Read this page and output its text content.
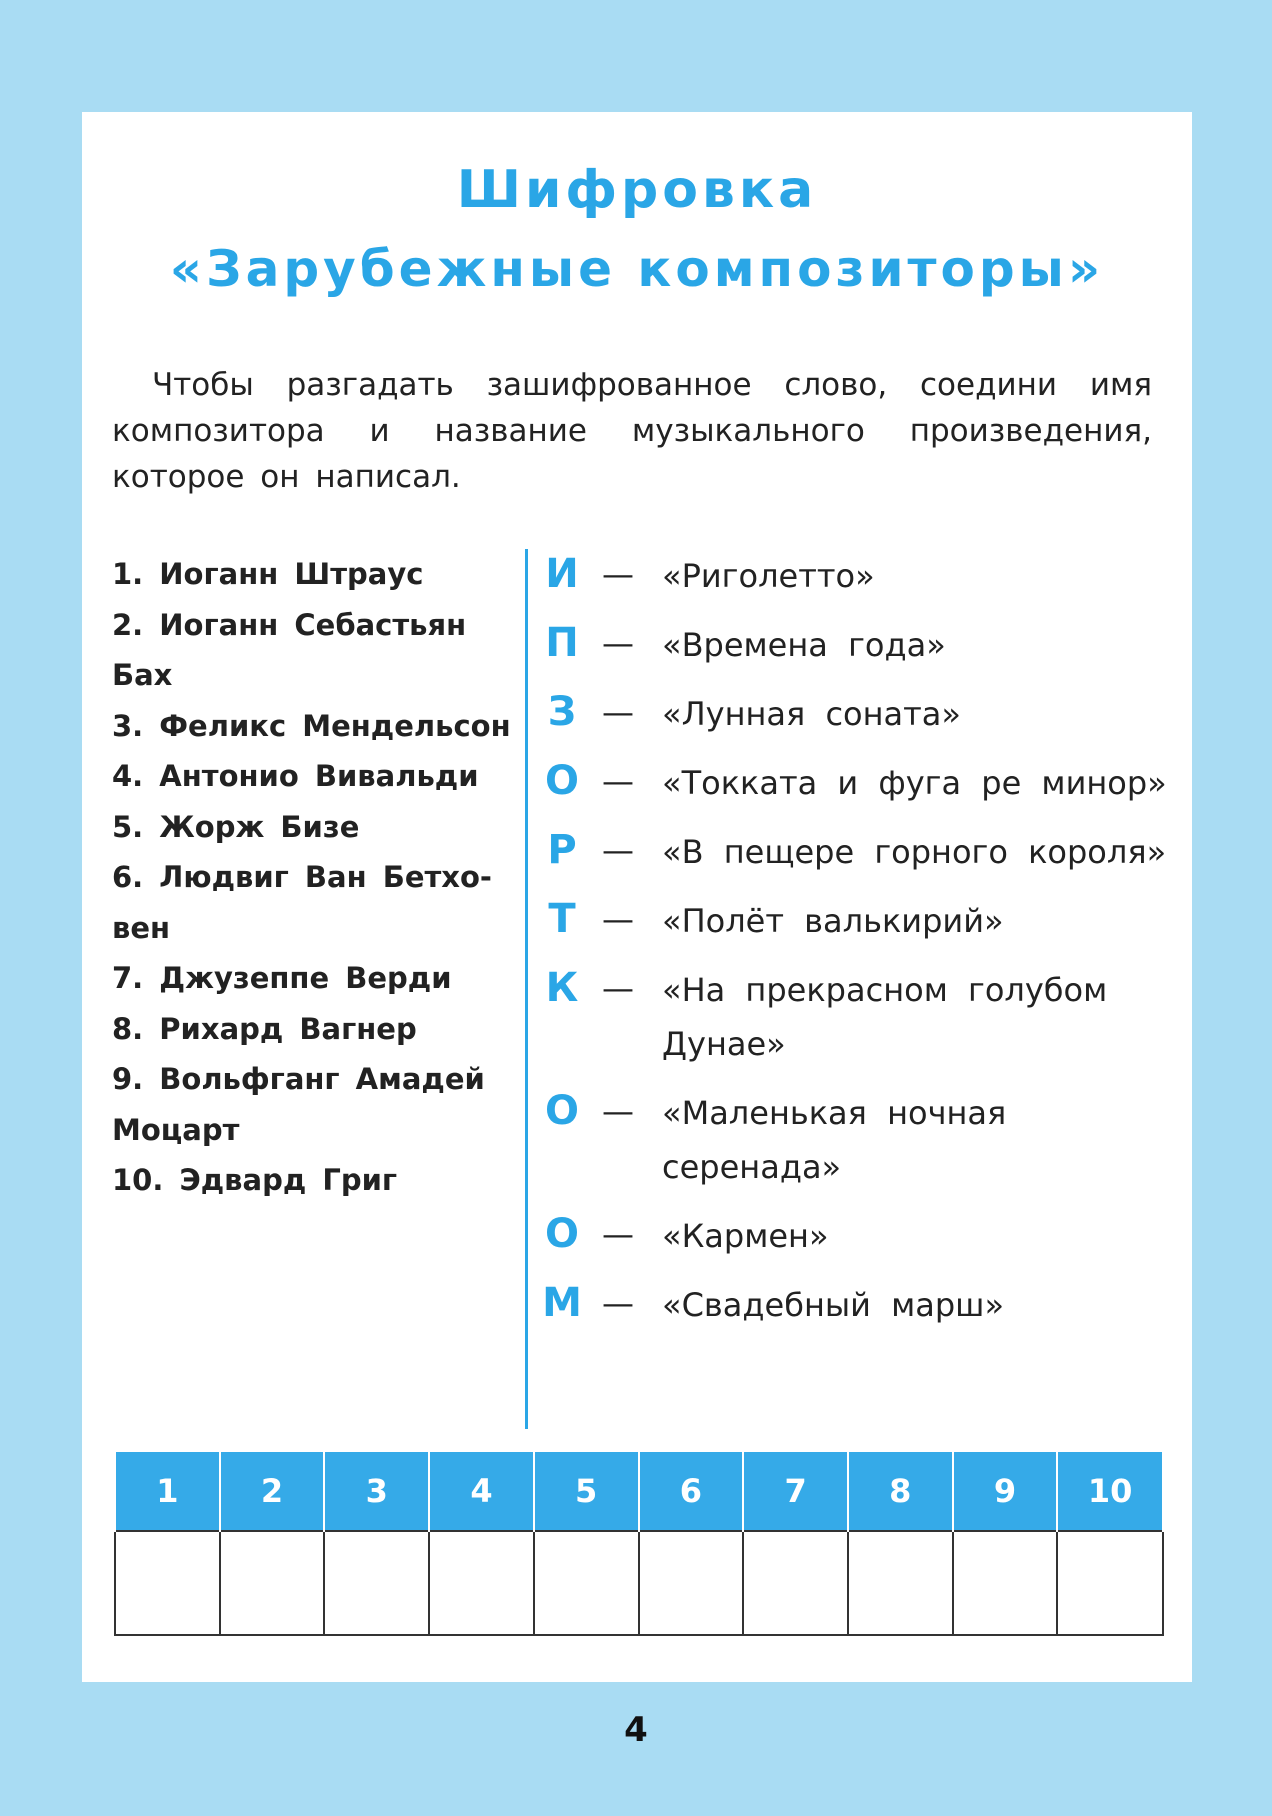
Шифровка
«Зарубежные композиторы»
Чтобы разгадать зашифрованное слово, соедини имя композитора и название музыкального произведения, которое он написал.
1. Иоганн Штраус
2. Иоганн Себастьян Бах
3. Феликс Мендельсон
4. Антонио Вивальди
5. Жорж Бизе
6. Людвиг Ван Бетхо-вен
7. Джузеппе Верди
8. Рихард Вагнер
9. Вольфганг Амадей Моцарт
10. Эдвард Григ
И — «Риголетто»
П — «Времена года»
З — «Лунная соната»
О — «Токката и фуга ре минор»
Р — «В пещере горного короля»
Т — «Полёт валькирий»
К — «На прекрасном голубом Дунае»
О — «Маленькая ночная серенада»
О — «Кармен»
М — «Свадебный марш»
1	2	3	4	5	6	7	8	9	10

4
